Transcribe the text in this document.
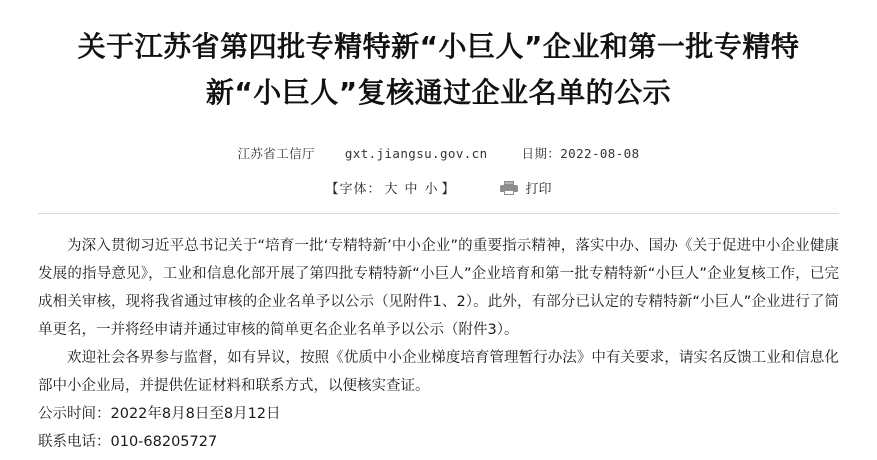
关于江苏省第四批专精特新“小巨人”企业和第一批专精特新“小巨人”复核通过企业名单的公示
江苏省工信厅 gxt.jiangsu.gov.cn	日期：2022-08-08
【字体： 大 中 小 】	打印

为深入贯彻习近平总书记关于“培育一批‘专精特新’中小企业”的重要指示精神，落实中办、国办《关于促进中小企业健康发展的指导意见》，工业和信息化部开展了第四批专精特新“小巨人”企业培育和第一批专精特新“小巨人”企业复核工作，已完成相关审核，现将我省通过审核的企业名单予以公示（见附件1、2）。此外，有部分已认定的专精特新“小巨人”企业进行了简单更名，一并将经申请并通过审核的简单更名企业名单予以公示（附件3）。

欢迎社会各界参与监督，如有异议，按照《优质中小企业梯度培育管理暂行办法》中有关要求，请实名反馈工业和信息化部中小企业局，并提供佐证材料和联系方式，以便核实查证。

公示时间：2022年8月8日至8月12日

联系电话：010-68205727
